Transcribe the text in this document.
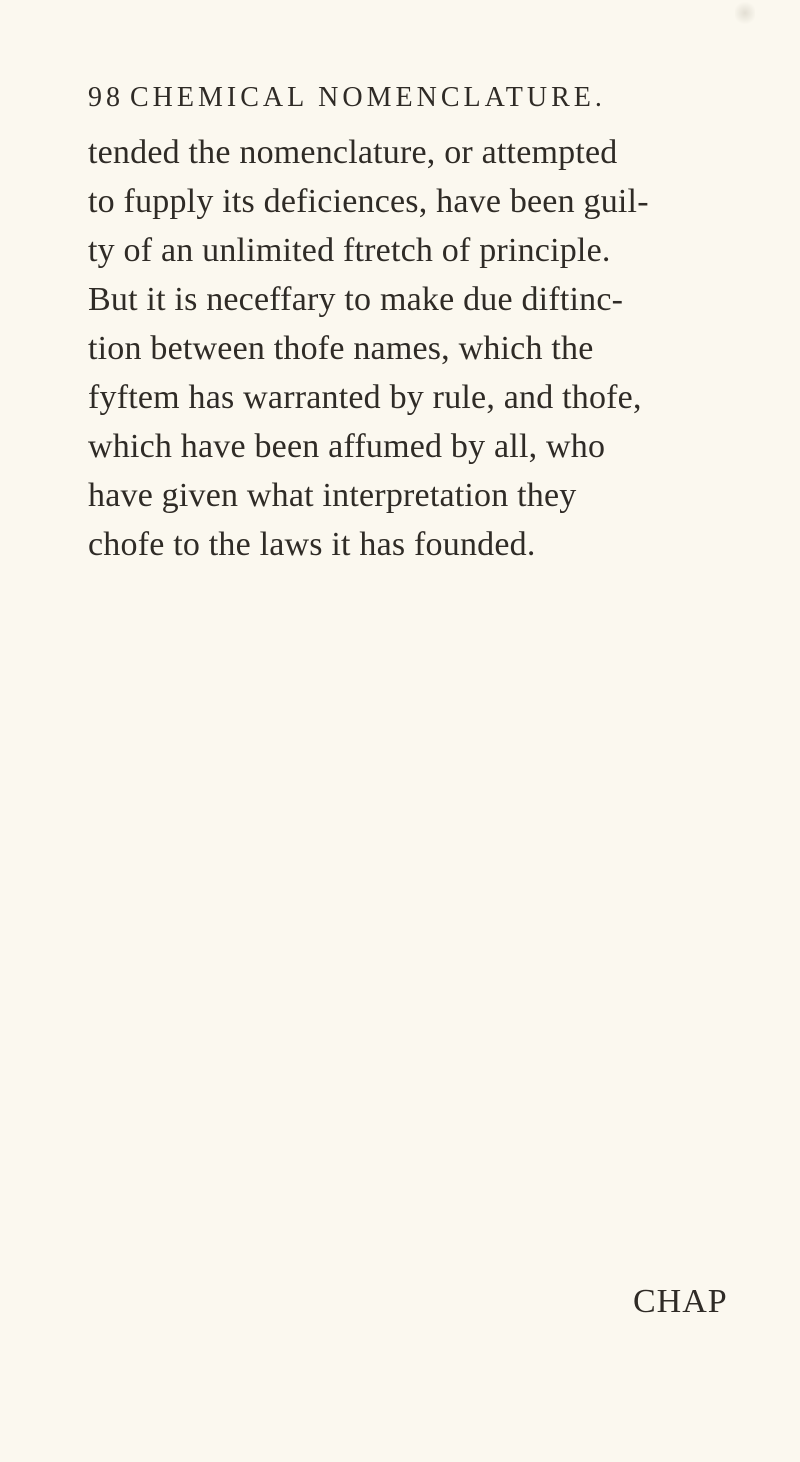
98 CHEMICAL NOMENCLATURE.
tended the nomenclature, or attempted
to fupply its deficiences, have been guil-
ty of an unlimited ftretch of principle.
But it is neceffary to make due diftinc-
tion between thofe names, which the
fyftem has warranted by rule, and thofe,
which have been affumed by all, who
have given what interpretation they
chofe to the laws it has founded.
CHAP
